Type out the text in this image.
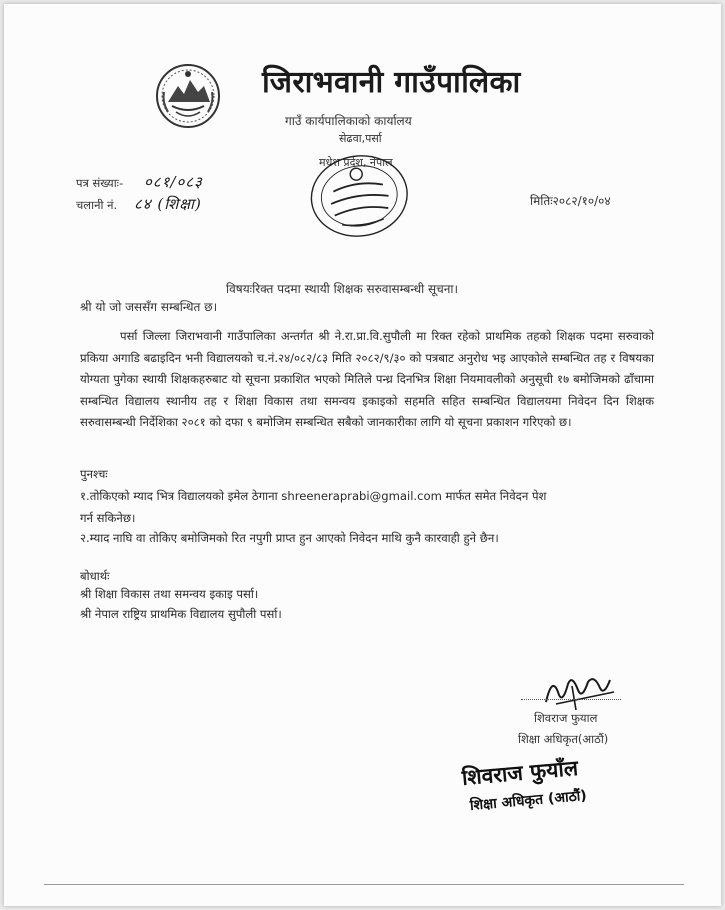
जिराभवानी गाउँपालिका
गाउँ कार्यपालिकाको कार्यालय
सेढवा,पर्सा
मधेश प्रदेश, नेपाल
पत्र संख्याः- ०८१/०८३
चलानी नं. ८४ (शिक्षा)	मितिः२०८२/१०/०४
विषयःरिक्त पदमा स्थायी शिक्षक सरुवासम्बन्धी सूचना।
श्री यो जो जससँग सम्बन्धित छ।
पर्सा जिल्ला जिराभवानी गाउँपालिका अन्तर्गत श्री ने.रा.प्रा.वि.सुपौली मा रिक्त रहेको प्राथमिक तहको शिक्षक पदमा सरुवाको प्रकिया अगाडि बढाइदिन भनी विद्यालयको च.नं.२४/०८२/८३ मिति २०८२/९/३० को पत्रबाट अनुरोध भइ आएकोले सम्बन्धित तह र विषयका योग्यता पुगेका स्थायी शिक्षकहरुबाट यो सूचना प्रकाशित भएको मितिले पन्ध्र दिनभित्र शिक्षा नियमावलीको अनुसूची १७ बमोजिमको ढाँचामा सम्बन्धित विद्यालय स्थानीय तह र शिक्षा विकास तथा समन्वय इकाइको सहमति सहित सम्बन्धित विद्यालयमा निवेदन दिन शिक्षक सरुवासम्बन्धी निर्देशिका २०८१ को दफा ९ बमोजिम सम्बन्धित सबैको जानकारीका लागि यो सूचना प्रकाशन गरिएको छ।
पुनश्चः
१.तोकिएको म्याद भित्र विद्यालयको इमेल ठेगाना shreeneraprabi@gmail.com मार्फत समेत निवेदन पेश गर्न सकिनेछ।
२.म्याद नाघि वा तोकिए बमोजिमको रित नपुगी प्राप्त हुन आएको निवेदन माथि कुनै कारवाही हुने छैन।
बोधार्थः
श्री शिक्षा विकास तथा समन्वय इकाइ पर्सा।
श्री नेपाल राष्ट्रिय प्राथमिक विद्यालय सुपौली पर्सा।
शिवराज फुयाल
शिक्षा अधिकृत(आठौं)
शिवराज फुयाँल
शिक्षा अधिकृत (आठौं)
